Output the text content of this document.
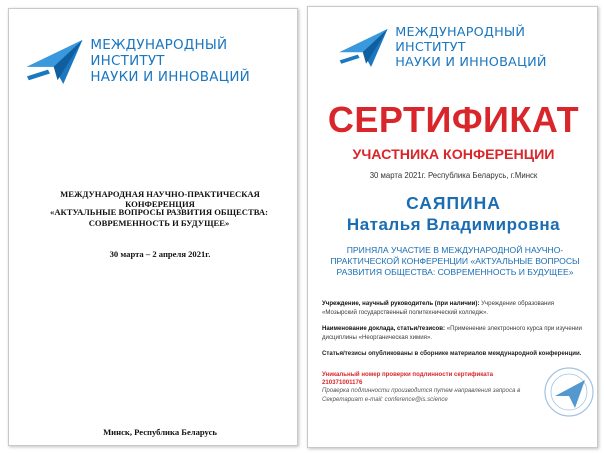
МЕЖДУНАРОДНЫЙ ИНСТИТУТ
НАУКИ И ИННОВАЦИЙ
МЕЖДУНАРОДНАЯ НАУЧНО-ПРАКТИЧЕСКАЯ КОНФЕРЕНЦИЯ
«АКТУАЛЬНЫЕ ВОПРОСЫ РАЗВИТИЯ ОБЩЕСТВА: СОВРЕМЕННОСТЬ И БУДУЩЕЕ»
30 марта – 2 апреля 2021г.
Минск, Республика Беларусь
МЕЖДУНАРОДНЫЙ ИНСТИТУТ
НАУКИ И ИННОВАЦИЙ
СЕРТИФИКАТ
УЧАСТНИКА КОНФЕРЕНЦИИ
30 марта 2021г. Республика Беларусь, г.Минск
САЯПИНА
Наталья Владимировна
ПРИНЯЛА УЧАСТИЕ В МЕЖДУНАРОДНОЙ НАУЧНО-ПРАКТИЧЕСКОЙ КОНФЕРЕНЦИИ «АКТУАЛЬНЫЕ ВОПРОСЫ РАЗВИТИЯ ОБЩЕСТВА: СОВРЕМЕННОСТЬ И БУДУЩЕЕ»
Учреждение, научный руководитель (при наличии): Учреждение образования «Мозырский государственный политехнический колледж».
Наименование доклада, статьи/тезисов: «Применение электронного курса при изучении дисциплины «Неорганическая химия».
Статья/тезисы опубликованы в сборнике материалов международной конференции.
Уникальный номер проверки подлинности сертификата
210371001176
Проверка подлинности производится путем направления запроса в Секретариат e-mail: conference@is.science
